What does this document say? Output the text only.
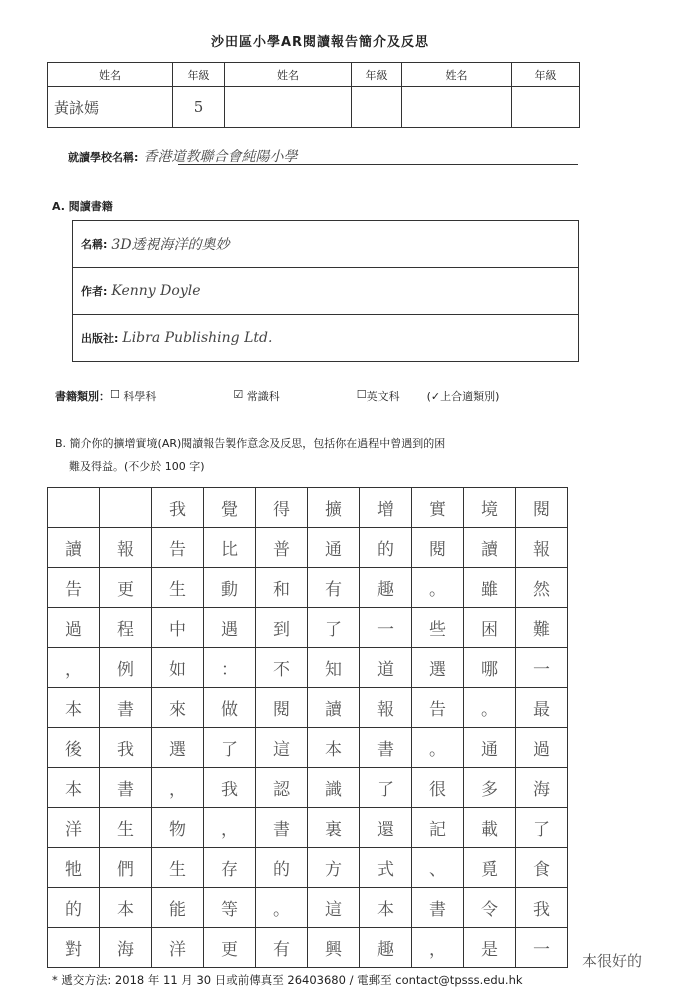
沙田區小學AR閱讀報告簡介及反思
姓名	年級	姓名	年級	姓名	年級
黃詠嫣	5				
就讀學校名稱: 香港道教聯合會純陽小學
A. 閱讀書籍
名稱: 3D透視海洋的奧妙
作者: Kenny Doyle
出版社: Libra Publishing Ltd.
書籍類別： ☐ 科學科	☑ 常識科	☐ 英文科	(✓上合適類別)
B. 簡介你的擴增實境(AR)閱讀報告製作意念及反思，包括你在過程中曾遇到的困
難及得益。(不少於 100 字)
		我	覺	得	擴	增	實	境	閱
讀	報	告	比	普	通	的	閱	讀	報
告	更	生	動	和	有	趣	。	雖	然
過	程	中	遇	到	了	一	些	困	難
，	例	如	：	不	知	道	選	哪	一
本	書	來	做	閱	讀	報	告	。	最
後	我	選	了	這	本	書	。	通	過
本	書	，	我	認	識	了	很	多	海
洋	生	物	，	書	裏	還	記	載	了
牠	們	生	存	的	方	式	、	覓	食
的	本	能	等	。	這	本	書	令	我
對	海	洋	更	有	興	趣	，	是	一
本很好的
* 遞交方法: 2018 年 11 月 30 日或前傳真至 26403680 / 電郵至 contact@tpsss.edu.hk
